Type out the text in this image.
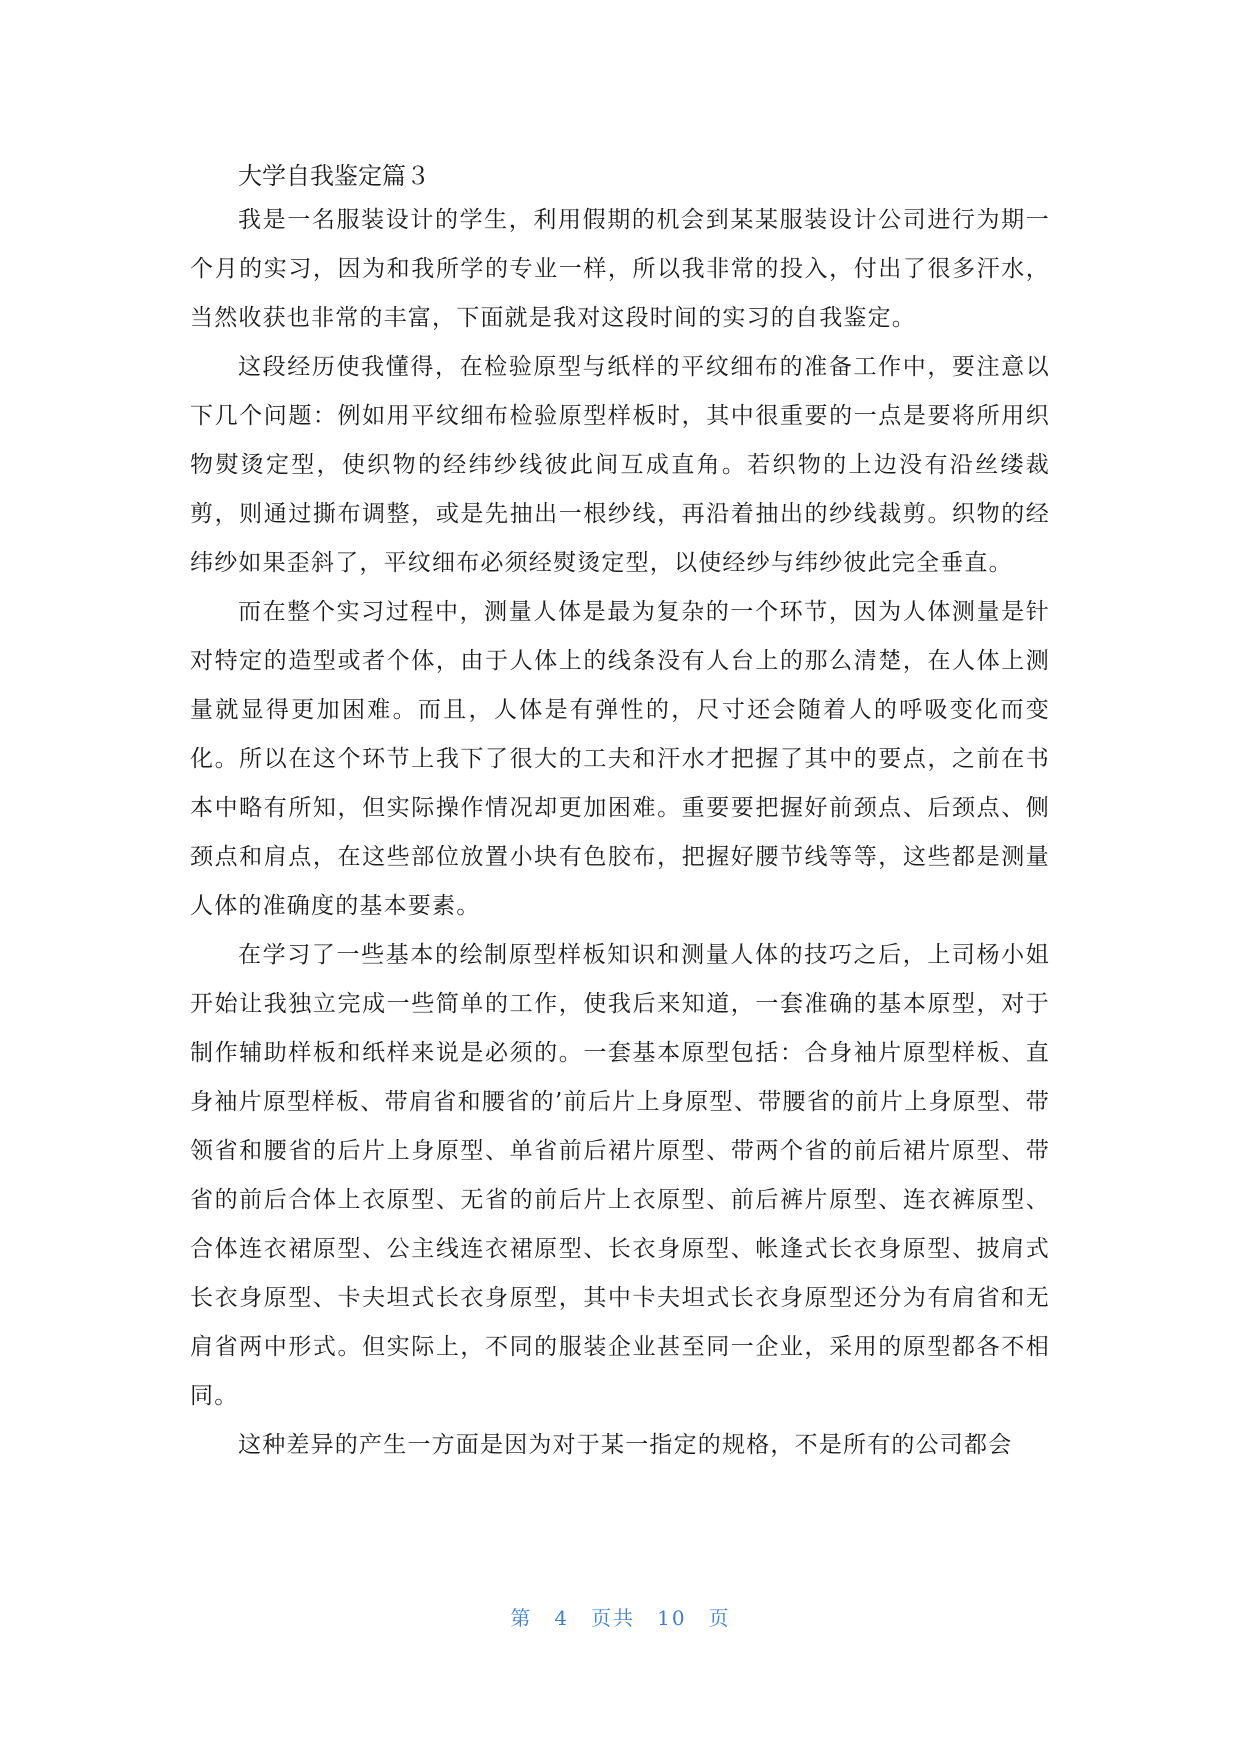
大学自我鉴定篇３

我是一名服装设计的学生，利用假期的机会到某某服装设计公司进行为期一个月的实习，因为和我所学的专业一样，所以我非常的投入，付出了很多汗水，当然收获也非常的丰富，下面就是我对这段时间的实习的自我鉴定。

这段经历使我懂得，在检验原型与纸样的平纹细布的准备工作中，要注意以下几个问题：例如用平纹细布检验原型样板时，其中很重要的一点是要将所用织物熨烫定型，使织物的经纬纱线彼此间互成直角。若织物的上边没有沿丝缕裁剪，则通过撕布调整，或是先抽出一根纱线，再沿着抽出的纱线裁剪。织物的经纬纱如果歪斜了，平纹细布必须经熨烫定型，以使经纱与纬纱彼此完全垂直。

而在整个实习过程中，测量人体是最为复杂的一个环节，因为人体测量是针对特定的造型或者个体，由于人体上的线条没有人台上的那么清楚，在人体上测量就显得更加困难。而且，人体是有弹性的，尺寸还会随着人的呼吸变化而变化。所以在这个环节上我下了很大的工夫和汗水才把握了其中的要点，之前在书本中略有所知，但实际操作情况却更加困难。重要要把握好前颈点、后颈点、侧颈点和肩点，在这些部位放置小块有色胶布，把握好腰节线等等，这些都是测量人体的准确度的基本要素。

在学习了一些基本的绘制原型样板知识和测量人体的技巧之后，上司杨小姐开始让我独立完成一些简单的工作，使我后来知道，一套准确的基本原型，对于制作辅助样板和纸样来说是必须的。一套基本原型包括：合身袖片原型样板、直身袖片原型样板、带肩省和腰省的’前后片上身原型、带腰省的前片上身原型、带领省和腰省的后片上身原型、单省前后裙片原型、带两个省的前后裙片原型、带省的前后合体上衣原型、无省的前后片上衣原型、前后裤片原型、连衣裤原型、合体连衣裙原型、公主线连衣裙原型、长衣身原型、帐逢式长衣身原型、披肩式长衣身原型、卡夫坦式长衣身原型，其中卡夫坦式长衣身原型还分为有肩省和无肩省两中形式。但实际上，不同的服装企业甚至同一企业，采用的原型都各不相同。

这种差异的产生一方面是因为对于某一指定的规格，不是所有的公司都会

第　4　页共　10　页
